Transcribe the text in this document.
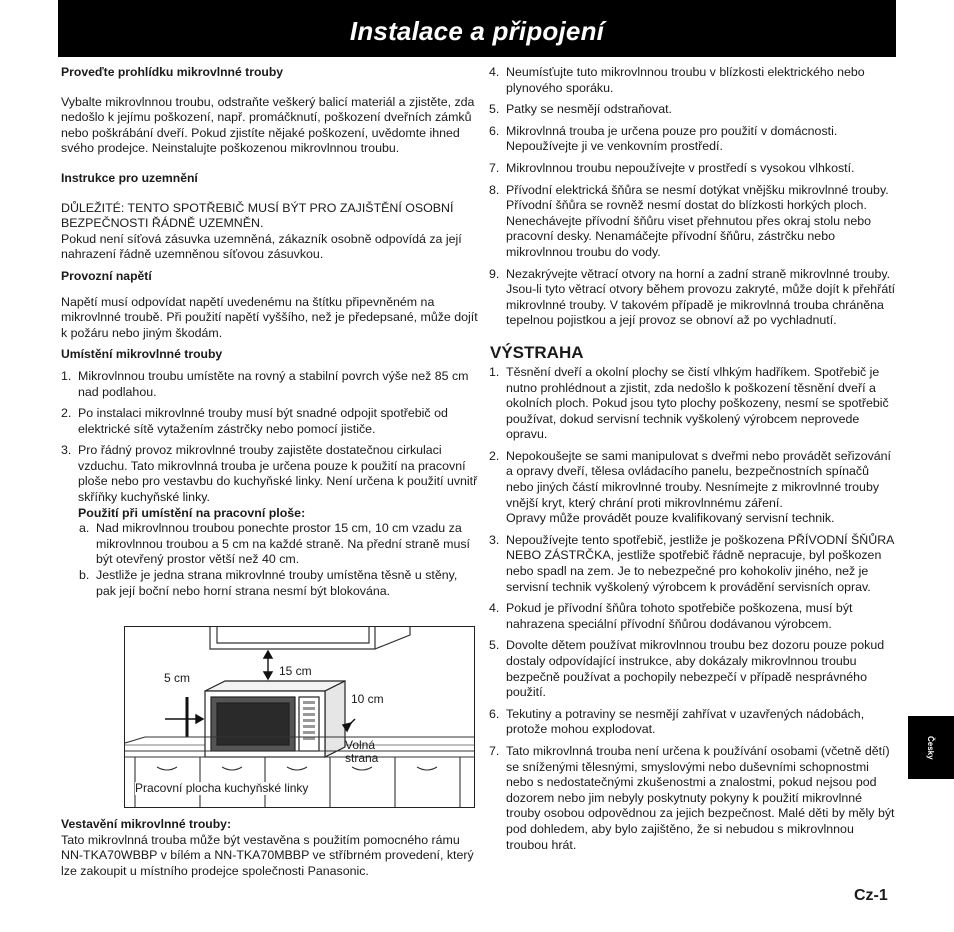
Instalace a připojení

Proveďte prohlídku mikrovlnné trouby

Vybalte mikrovlnnou troubu, odstraňte veškerý balicí materiál a zjistěte, zda nedošlo k jejímu poškození, např. promáčknutí, poškození dveřních zámků nebo poškrábání dveří. Pokud zjistíte nějaké poškození, uvědomte ihned svého prodejce. Neinstalujte poškozenou mikrovlnnou troubu.

Instrukce pro uzemnění

DŮLEŽITÉ: TENTO SPOTŘEBIČ MUSÍ BÝT PRO ZAJIŠTĚNÍ OSOBNÍ BEZPEČNOSTI ŘÁDNĚ UZEMNĚN.

Pokud není síťová zásuvka uzemněná, zákazník osobně odpovídá za její nahrazení řádně uzemněnou síťovou zásuvkou.

Provozní napětí

Napětí musí odpovídat napětí uvedenému na štítku připevněném na mikrovlnné troubě. Při použití napětí vyššího, než je předepsané, může dojít k požáru nebo jiným škodám.

Umístění mikrovlnné trouby

1. Mikrovlnnou troubu umístěte na rovný a stabilní povrch výše než 85 cm nad podlahou.
2. Po instalaci mikrovlnné trouby musí být snadné odpojit spotřebič od elektrické sítě vytažením zástrčky nebo pomocí jističe.
3. Pro řádný provoz mikrovlnné trouby zajistěte dostatečnou cirkulaci vzduchu. Tato mikrovlnná trouba je určena pouze k použití na pracovní ploše nebo pro vestavbu do kuchyňské linky. Není určena k použití uvnitř skříňky kuchyňské linky.

Použití při umístění na pracovní ploše:

a. Nad mikrovlnnou troubou ponechte prostor 15 cm, 10 cm vzadu za mikrovlnnou troubou a 5 cm na každé straně. Na přední straně musí být otevřený prostor větší než 40 cm.
b. Jestliže je jedna strana mikrovlnné trouby umístěna těsně u stěny, pak její boční nebo horní strana nesmí být blokována.
15 cm
5 cm
10 cm
Volná strana
Pracovní plocha kuchyňské linky

Vestavění mikrovlnné trouby:

Tato mikrovlnná trouba může být vestavěna s použitím pomocného rámu NN-TKA70WBBP v bílém a NN-TKA70MBBP ve stříbrném provedení, který lze zakoupit u místního prodejce společnosti Panasonic.

4. Neumísťujte tuto mikrovlnnou troubu v blízkosti elektrického nebo plynového sporáku.
5. Patky se nesmějí odstraňovat.
6. Mikrovlnná trouba je určena pouze pro použití v domácnosti. Nepoužívejte ji ve venkovním prostředí.
7. Mikrovlnnou troubu nepoužívejte v prostředí s vysokou vlhkostí.
8. Přívodní elektrická šňůra se nesmí dotýkat vnějšku mikrovlnné trouby. Přívodní šňůra se rovněž nesmí dostat do blízkosti horkých ploch. Nenechávejte přívodní šňůru viset přehnutou přes okraj stolu nebo pracovní desky. Nenamáčejte přívodní šňůru, zástrčku nebo mikrovlnnou troubu do vody.
9. Nezakrývejte větrací otvory na horní a zadní straně mikrovlnné trouby. Jsou-li tyto větrací otvory během provozu zakryté, může dojít k přehřátí mikrovlnné trouby. V takovém případě je mikrovlnná trouba chráněna tepelnou pojistkou a její provoz se obnoví až po vychladnutí.

VÝSTRAHA

1. Těsnění dveří a okolní plochy se čistí vlhkým hadříkem. Spotřebič je nutno prohlédnout a zjistit, zda nedošlo k poškození těsnění dveří a okolních ploch. Pokud jsou tyto plochy poškozeny, nesmí se spotřebič používat, dokud servisní technik vyškolený výrobcem neprovede opravu.
2. Nepokoušejte se sami manipulovat s dveřmi nebo provádět seřizování a opravy dveří, tělesa ovládacího panelu, bezpečnostních spínačů nebo jiných částí mikrovlnné trouby. Nesnímejte z mikrovlnné trouby vnější kryt, který chrání proti mikrovlnnému záření.
Opravy může provádět pouze kvalifikovaný servisní technik.
3. Nepoužívejte tento spotřebič, jestliže je poškozena PŘÍVODNÍ ŠŇŮRA NEBO ZÁSTRČKA, jestliže spotřebič řádně nepracuje, byl poškozen nebo spadl na zem. Je to nebezpečné pro kohokoliv jiného, než je servisní technik vyškolený výrobcem k provádění servisních oprav.
4. Pokud je přívodní šňůra tohoto spotřebiče poškozena, musí být nahrazena speciální přívodní šňůrou dodávanou výrobcem.
5. Dovolte dětem používat mikrovlnnou troubu bez dozoru pouze pokud dostaly odpovídající instrukce, aby dokázaly mikrovlnnou troubu bezpečně používat a pochopily nebezpečí v případě nesprávného použití.
6. Tekutiny a potraviny se nesmějí zahřívat v uzavřených nádobách, protože mohou explodovat.
7. Tato mikrovlnná trouba není určena k používání osobami (včetně dětí) se sníženými tělesnými, smyslovými nebo duševními schopnostmi nebo s nedostatečnými zkušenostmi a znalostmi, pokud nejsou pod dozorem nebo jim nebyly poskytnuty pokyny k použití mikrovlnné trouby osobou odpovědnou za jejich bezpečnost. Malé děti by měly být pod dohledem, aby bylo zajištěno, že si nebudou s mikrovlnnou troubou hrát.
Česky
Cz-1
